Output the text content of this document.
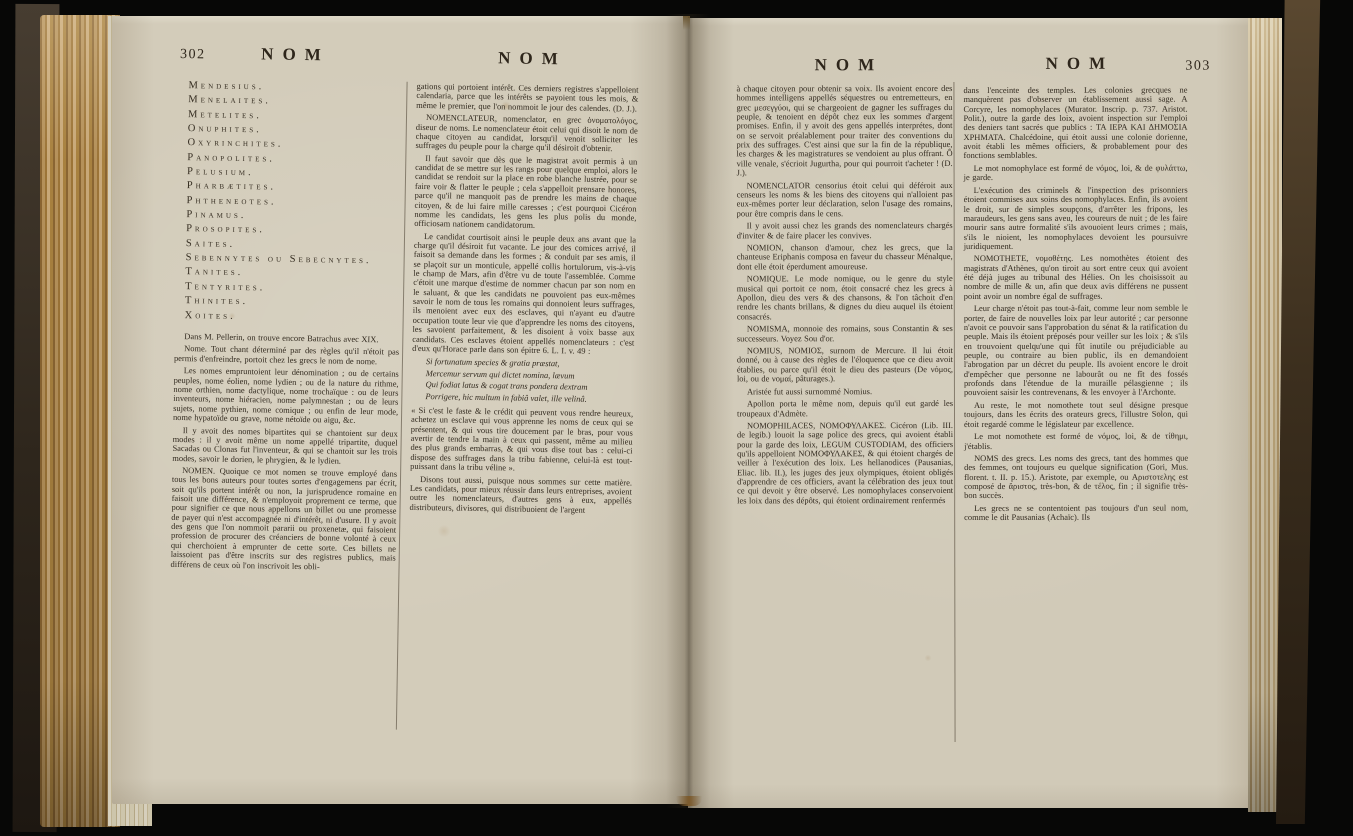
302	NOM	NOM
Mendesius.
Menelaites.
Metelites.
Onuphites.
Oxyrinchites.
Panopolites.
Pelusium.
Pharbætites.
Phtheneotes.
Pinamus.
Prosopites.
Saites.
Sebennytes ou Sebecnytes.
Tanites.
Tentyrites.
Thinites.
Xoites.

Dans M. Pellerin, on trouve encore Batrachus avec XIX.

Nome. Tout chant déterminé par des règles qu'il n'étoit pas permis d'enfreindre, portoit chez les grecs le nom de nome.

Les nomes empruntoient leur dénomination ; ou de certains peuples, nome éolien, nome lydien ; ou de la nature du rithme, nome orthien, nome dactylique, nome trochaïque : ou de leurs inventeurs, nome hiéracien, nome palymnestan ; ou de leurs sujets, nome pythien, nome comique ; ou enfin de leur mode, nome hypatoïde ou grave, nome nétoïde ou aigu, &c.

Il y avoit des nomes bipartites qui se chantoient sur deux modes : il y avoit même un nome appellé tripartite, duquel Sacadas ou Clonas fut l'inventeur, & qui se chantoit sur les trois modes, savoir le dorien, le phrygien, & le lydien.

NOMEN. Quoique ce mot nomen se trouve employé dans tous les bons auteurs pour toutes sortes d'engagemens par écrit, soit qu'ils portent intérêt ou non, la jurisprudence romaine en faisoit une différence, & n'employoit proprement ce terme, que pour signifier ce que nous appellons un billet ou une promesse de payer qui n'est accompagnée ni d'intérêt, ni d'usure. Il y avoit des gens que l'on nommoit pararii ou proxenetæ, qui faisoient profession de procurer des créanciers de bonne volonté à ceux qui cherchoient à emprunter de cette sorte. Ces billets ne laissoient pas d'être inscrits sur des registres publics, mais différens de ceux où l'on inscrivoit les obli-

gations qui portoient intérêt. Ces derniers registres s'appelloient calendaria, parce que les intérêts se payoient tous les mois, & même le premier, que l'on nommoit le jour des calendes. (D. J.).

NOMENCLATEUR, nomenclator, en grec ὀνοματολόγος, diseur de noms. Le nomenclateur étoit celui qui disoit le nom de chaque citoyen au candidat, lorsqu'il venoit solliciter les suffrages du peuple pour la charge qu'il désiroit d'obtenir.

Il faut savoir que dès que le magistrat avoit permis à un candidat de se mettre sur les rangs pour quelque emploi, alors le candidat se rendoit sur la place en robe blanche lustrée, pour se faire voir & flatter le peuple ; cela s'appelloit prensare honores, parce qu'il ne manquoit pas de prendre les mains de chaque citoyen, & de lui faire mille caresses ; c'est pourquoi Cicéron nomme les candidats, les gens les plus polis du monde, officiosam nationem candidatorum.

Le candidat courtisoit ainsi le peuple deux ans avant que la charge qu'il désiroit fut vacante. Le jour des comices arrivé, il faisoit sa demande dans les formes ; & conduit par ses amis, il se plaçoit sur un monticule, appellé collis hortulorum, vis-à-vis le champ de Mars, afin d'être vu de toute l'assemblée. Comme c'étoit une marque d'estime de nommer chacun par son nom en le saluant, & que les candidats ne pouvoient pas eux-mêmes savoir le nom de tous les romains qui donnoient leurs suffrages, ils menoient avec eux des esclaves, qui n'ayant eu d'autre occupation toute leur vie que d'apprendre les noms des citoyens, les savoient parfaitement, & les disoient à voix basse aux candidats. Ces esclaves étoient appellés nomenclateurs : c'est d'eux qu'Horace parle dans son épitre 6. L. I. v. 49 :

Si fortunatum species & gratia præstat,

Mercemur servum qui dictet nomina, lævum

Qui fodiat latus & cogat trans pondera dextram

Porrigere, hic multum in fabiâ valet, ille velinâ.

« Si c'est le faste & le crédit qui peuvent vous rendre heureux, achetez un esclave qui vous apprenne les noms de ceux qui se présentent, & qui vous tire doucement par le bras, pour vous avertir de tendre la main à ceux qui passent, même au milieu des plus grands embarras, & qui vous dise tout bas : celui-ci dispose des suffrages dans la tribu fabienne, celui-là est tout-puissant dans la tribu véline ».

Disons tout aussi, puisque nous sommes sur cette matière. Les candidats, pour mieux réussir dans leurs entreprises, avoient outre les nomenclateurs, d'autres gens à eux, appellés distributeurs, divisores, qui distribuoient de l'argent

NOM	NOM	303

à chaque citoyen pour obtenir sa voix. Ils avoient encore des hommes intelligens appellés séquestres ou entremetteurs, en grec μεσεγγύοι, qui se chargeoient de gagner les suffrages du peuple, & tenoient en dépôt chez eux les sommes d'argent promises. Enfin, il y avoit des gens appellés interprétes, dont on se servoit préalablement pour traiter des conventions du prix des suffrages. C'est ainsi que sur la fin de la république, les charges & les magistratures se vendoient au plus offrant. Ô ville venale, s'écrioit Jugurtha, pour qui pourroit t'acheter ! (D. J.).

NOMENCLATOR censorius étoit celui qui déféroit aux censeurs les noms & les biens des citoyens qui n'alloient pas eux-mêmes porter leur déclaration, selon l'usage des romains, pour être compris dans le cens.

Il y avoit aussi chez les grands des nomenclateurs chargés d'inviter & de faire placer les convives.

NOMION, chanson d'amour, chez les grecs, que la chanteuse Eriphanis composa en faveur du chasseur Ménalque, dont elle étoit éperdument amoureuse.

NOMIQUE. Le mode nomique, ou le genre du style musical qui portoit ce nom, étoit consacré chez les grecs à Apollon, dieu des vers & des chansons, & l'on tâchoit d'en rendre les chants brillans, & dignes du dieu auquel ils étoient consacrés.

NOMISMA, monnoie des romains, sous Constantin & ses successeurs. Voyez Sou d'or.

NOMIUS, ΝΟΜΙΟΣ, surnom de Mercure. Il lui étoit donné, ou à cause des règles de l'éloquence que ce dieu avoit établies, ou parce qu'il étoit le dieu des pasteurs (De νόμος, loi, ou de νομαί, pâturages.).

Aristée fut aussi surnommé Nomius.

Apollon porta le même nom, depuis qu'il eut gardé les troupeaux d'Admète.

NOMOPHILACES, ΝΟΜΟΦΥΛΑΚΕΣ. Cicéron (Lib. III. de legib.) louoit la sage police des grecs, qui avoient établi pour la garde des loix, LEGUM CUSTODIAM, des officiers qu'ils appelloient ΝΟΜΟΦΥΛΑΚΕΣ, & qui étoient chargés de veiller à l'exécution des loix. Les hellanodices (Pausanias, Eliac. lib. II.), les juges des jeux olympiques, étoient obligés d'apprendre de ces officiers, avant la célébration des jeux tout ce qui devoit y être observé. Les nomophylaces conservoient les loix dans des dépôts, qui étoient ordinairement renfermés

dans l'enceinte des temples. Les colonies grecques ne manquèrent pas d'observer un établissement aussi sage. A Corcyre, les nomophylaces (Murator. Inscrip. p. 737. Aristot. Polit.), outre la garde des loix, avoient inspection sur l'emploi des deniers tant sacrés que publics : ΤΑ ΙΕΡΑ ΚΑΙ ΔΗΜΟΣΙΑ ΧΡΗΜΑΤΑ. Chalcédoine, qui étoit aussi une colonie dorienne, avoit établi les mêmes officiers, & probablement pour des fonctions semblables.

Le mot nomophylace est formé de νόμος, loi, & de φυλάττω, je garde.

L'exécution des criminels & l'inspection des prisonniers étoient commises aux soins des nomophylaces. Enfin, ils avoient le droit, sur de simples soupçons, d'arrêter les fripons, les maraudeurs, les gens sans aveu, les coureurs de nuit ; de les faire mourir sans autre formalité s'ils avouoient leurs crimes ; mais, s'ils le nioient, les nomophylaces devoient les poursuivre juridiquement.

NOMOTHETE, νομοθέτης. Les nomothètes étoient des magistrats d'Athènes, qu'on tiroit au sort entre ceux qui avoient été déjà juges au tribunal des Hélies. On les choisissoit au nombre de mille & un, afin que deux avis différens ne pussent point avoir un nombre égal de suffrages.

Leur charge n'étoit pas tout-à-fait, comme leur nom semble le porter, de faire de nouvelles loix par leur autorité ; car personne n'avoit ce pouvoir sans l'approbation du sénat & la ratification du peuple. Mais ils étoient préposés pour veiller sur les loix ; & s'ils en trouvoient quelqu'une qui fût inutile ou préjudiciable au peuple, ou contraire au bien public, ils en demandoient l'abrogation par un décret du peuple. Ils avoient encore le droit d'empêcher que personne ne labourât ou ne fît des fossés profonds dans l'étendue de la muraille pélasgienne ; ils pouvoient saisir les contrevenans, & les envoyer à l'Archonte.

Au reste, le mot nomothete tout seul désigne presque toujours, dans les écrits des orateurs grecs, l'illustre Solon, qui étoit regardé comme le législateur par excellence.

Le mot nomothete est formé de νόμος, loi, & de τίθημι, j'établis.

NOMS des grecs. Les noms des grecs, tant des hommes que des femmes, ont toujours eu quelque signification (Gori, Mus. florent. t. II. p. 15.). Aristote, par exemple, ou Αριστοτελης est composé de ἄριστος, très-bon, & de τέλος, fin ; il signifie très-bon succès.

Les grecs ne se contentoient pas toujours d'un seul nom, comme le dit Pausanias (Achaïc). Ils
